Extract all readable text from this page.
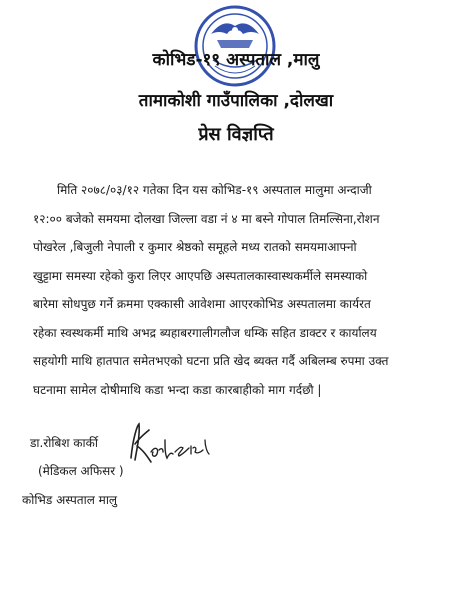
कोभिड-१९ अस्पताल ,मालु
तामाकोशी गाउँपालिका ,दोलखा
प्रेस विज्ञप्ति
मिति २०७८/०३/१२ गतेका दिन यस कोभिड-१९ अस्पताल मालुमा अन्दाजी
१२:०० बजेको समयमा दोलखा जिल्ला वडा नं ४ मा बस्ने गोपाल तिमल्सिना,रोशन
पोखरेल ,बिजुली नेपाली र कुमार श्रेष्ठको समूहले मध्य रातको समयमाआफ्नो
खुट्टामा समस्या रहेको कुरा लिएर आएपछि अस्पतालकास्वास्थकर्मीले समस्याको
बारेमा सोधपुछ गर्ने क्रममा एक्कासी आवेशमा आएरकोभिड अस्पतालमा कार्यरत
रहेका स्वस्थकर्मी माथि अभद्र ब्यहाबरगालीगलौज धम्कि सहित डाक्टर र कार्यालय
सहयोगी माथि हातपात समेतभएको घटना प्रति खेद ब्यक्त गर्दै अबिलम्ब रुपमा उक्त
घटनामा सामेल दोषीमाथि कडा भन्दा कडा कारबाहीको माग गर्दछौ |
डा.रोबिश कार्की
(मेडिकल अफिसर )
कोभिड अस्पताल मालु
